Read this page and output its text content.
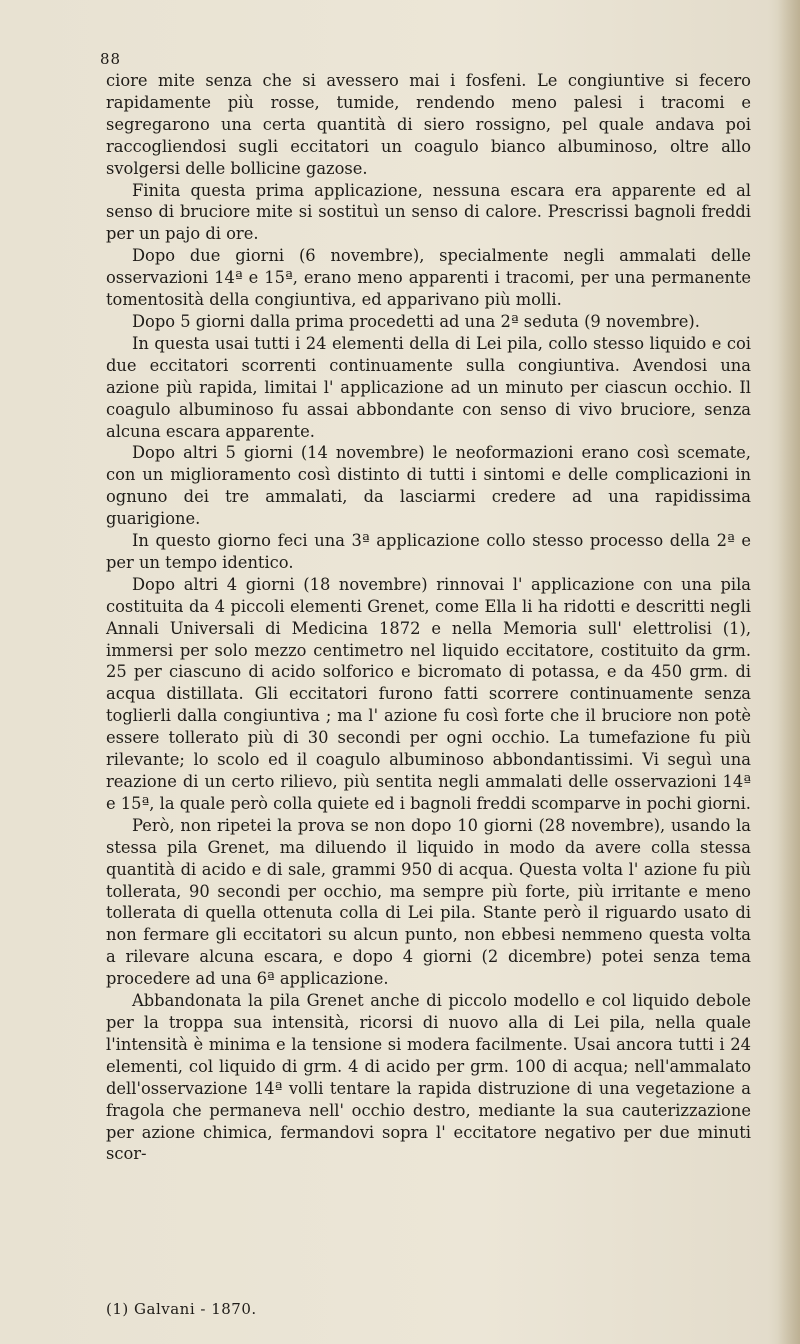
88

ciore mite senza che si avessero mai i fosfeni. Le congiuntive si fecero rapidamente più rosse, tumide, rendendo meno palesi i tracomi e segregarono una certa quantità di siero rossigno, pel quale andava poi raccogliendosi sugli eccitatori un coagulo bianco albuminoso, oltre allo svolgersi delle bollicine gazose.

Finita questa prima applicazione, nessuna escara era apparente ed al senso di bruciore mite si sostituì un senso di calore. Prescrissi bagnoli freddi per un pajo di ore.

Dopo due giorni (6 novembre), specialmente negli ammalati delle osservazioni 14ª e 15ª, erano meno apparenti i tracomi, per una permanente tomentosità della congiuntiva, ed apparivano più molli.

Dopo 5 giorni dalla prima procedetti ad una 2ª seduta (9 novembre).

In questa usai tutti i 24 elementi della di Lei pila, collo stesso liquido e coi due eccitatori scorrenti continuamente sulla congiuntiva. Avendosi una azione più rapida, limitai l' applicazione ad un minuto per ciascun occhio. Il coagulo albuminoso fu assai abbondante con senso di vivo bruciore, senza alcuna escara apparente.

Dopo altri 5 giorni (14 novembre) le neoformazioni erano così scemate, con un miglioramento così distinto di tutti i sintomi e delle complicazioni in ognuno dei tre ammalati, da lasciarmi credere ad una rapidissima guarigione.

In questo giorno feci una 3ª applicazione collo stesso processo della 2ª e per un tempo identico.

Dopo altri 4 giorni (18 novembre) rinnovai l' applicazione con una pila costituita da 4 piccoli elementi Grenet, come Ella li ha ridotti e descritti negli Annali Universali di Medicina 1872 e nella Memoria sull' elettrolisi (1), immersi per solo mezzo centimetro nel liquido eccitatore, costituito da grm. 25 per ciascuno di acido solforico e bicromato di potassa, e da 450 grm. di acqua distillata. Gli eccitatori furono fatti scorrere continuamente senza toglierli dalla congiuntiva ; ma l' azione fu così forte che il bruciore non potè essere tollerato più di 30 secondi per ogni occhio. La tumefazione fu più rilevante; lo scolo ed il coagulo albuminoso abbondantissimi. Vi seguì una reazione di un certo rilievo, più sentita negli ammalati delle osservazioni 14ª e 15ª, la quale però colla quiete ed i bagnoli freddi scomparve in pochi giorni.

Però, non ripetei la prova se non dopo 10 giorni (28 novembre), usando la stessa pila Grenet, ma diluendo il liquido in modo da avere colla stessa quantità di acido e di sale, grammi 950 di acqua. Questa volta l' azione fu più tollerata, 90 secondi per occhio, ma sempre più forte, più irritante e meno tollerata di quella ottenuta colla di Lei pila. Stante però il riguardo usato di non fermare gli eccitatori su alcun punto, non ebbesi nemmeno questa volta a rilevare alcuna escara, e dopo 4 giorni (2 dicembre) potei senza tema procedere ad una 6ª applicazione.

Abbandonata la pila Grenet anche di piccolo modello e col liquido debole per la troppa sua intensità, ricorsi di nuovo alla di Lei pila, nella quale l'intensità è minima e la tensione si modera facilmente. Usai ancora tutti i 24 elementi, col liquido di grm. 4 di acido per grm. 100 di acqua; nell'ammalato dell'osservazione 14ª volli tentare la rapida distruzione di una vegetazione a fragola che permaneva nell' occhio destro, mediante la sua cauterizzazione per azione chimica, fermandovi sopra l' eccitatore negativo per due minuti scor-

(1) Galvani - 1870.
